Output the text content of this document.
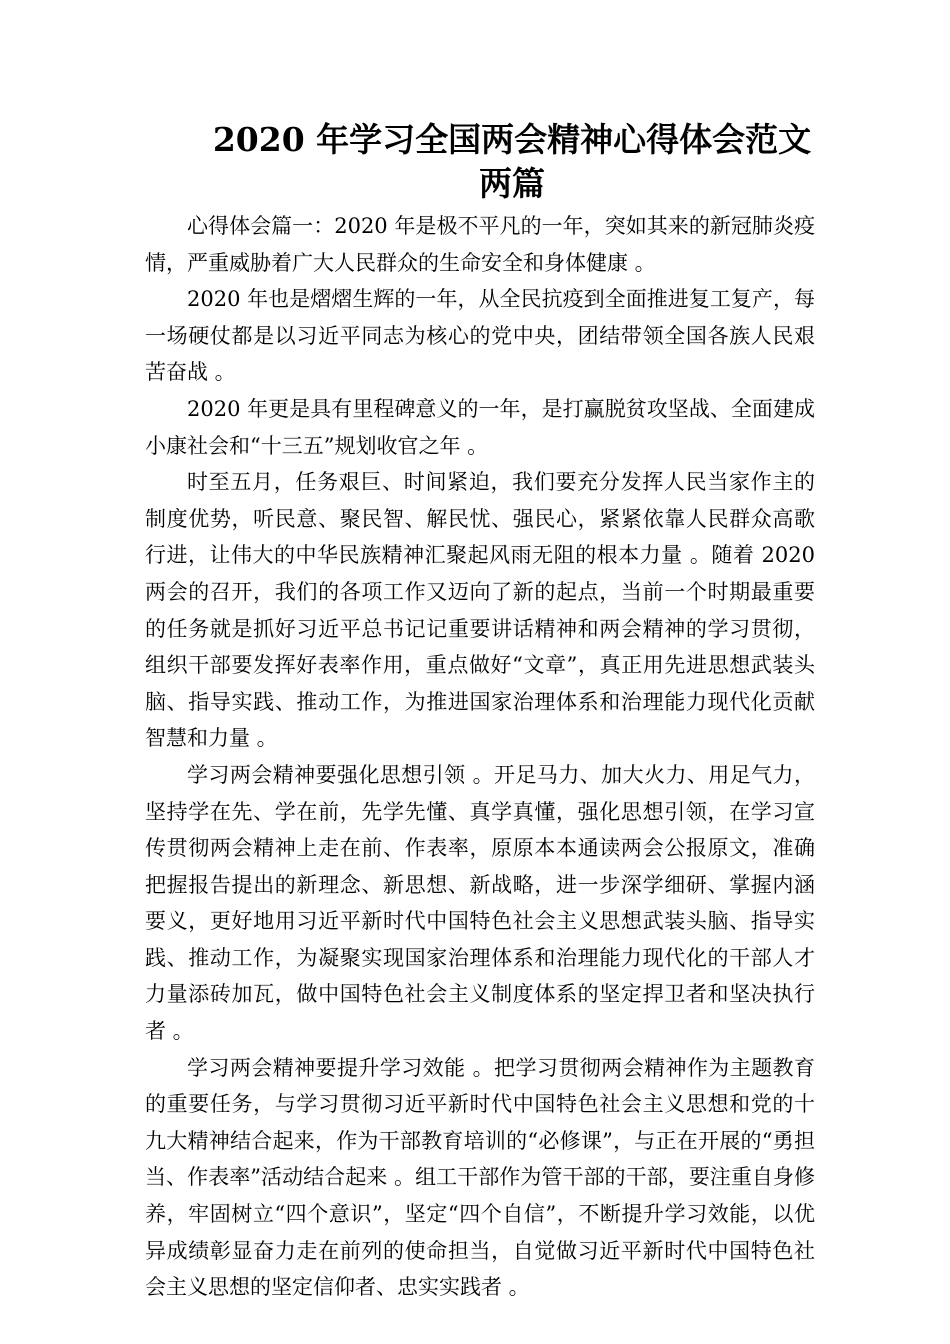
2020 年学习全国两会精神心得体会范文两篇

心得体会篇一：2020 年是极不平凡的一年，突如其来的新冠肺炎疫情，严重威胁着广大人民群众的生命安全和身体健康 。

2020 年也是熠熠生辉的一年，从全民抗疫到全面推进复工复产，每一场硬仗都是以习近平同志为核心的党中央，团结带领全国各族人民艰苦奋战 。

2020 年更是具有里程碑意义的一年，是打赢脱贫攻坚战、全面建成小康社会和“十三五”规划收官之年 。

时至五月，任务艰巨、时间紧迫，我们要充分发挥人民当家作主的制度优势，听民意、聚民智、解民忧、强民心，紧紧依靠人民群众高歌行进，让伟大的中华民族精神汇聚起风雨无阻的根本力量 。随着 2020 两会的召开，我们的各项工作又迈向了新的起点，当前一个时期最重要的任务就是抓好习近平总书记记重要讲话精神和两会精神的学习贯彻，组织干部要发挥好表率作用，重点做好“文章”，真正用先进思想武装头脑、指导实践、推动工作，为推进国家治理体系和治理能力现代化贡献智慧和力量 。

学习两会精神要强化思想引领 。开足马力、加大火力、用足气力，坚持学在先、学在前，先学先懂、真学真懂，强化思想引领，在学习宣传贯彻两会精神上走在前、作表率，原原本本通读两会公报原文，准确把握报告提出的新理念、新思想、新战略，进一步深学细研、掌握内涵要义，更好地用习近平新时代中国特色社会主义思想武装头脑、指导实践、推动工作，为凝聚实现国家治理体系和治理能力现代化的干部人才力量添砖加瓦，做中国特色社会主义制度体系的坚定捍卫者和坚决执行者 。

学习两会精神要提升学习效能 。把学习贯彻两会精神作为主题教育的重要任务，与学习贯彻习近平新时代中国特色社会主义思想和党的十九大精神结合起来，作为干部教育培训的“必修课”，与正在开展的“勇担当、作表率”活动结合起来 。组工干部作为管干部的干部，要注重自身修养，牢固树立“四个意识”，坚定“四个自信”，不断提升学习效能，以优异成绩彰显奋力走在前列的使命担当，自觉做习近平新时代中国特色社会主义思想的坚定信仰者、忠实实践者 。
